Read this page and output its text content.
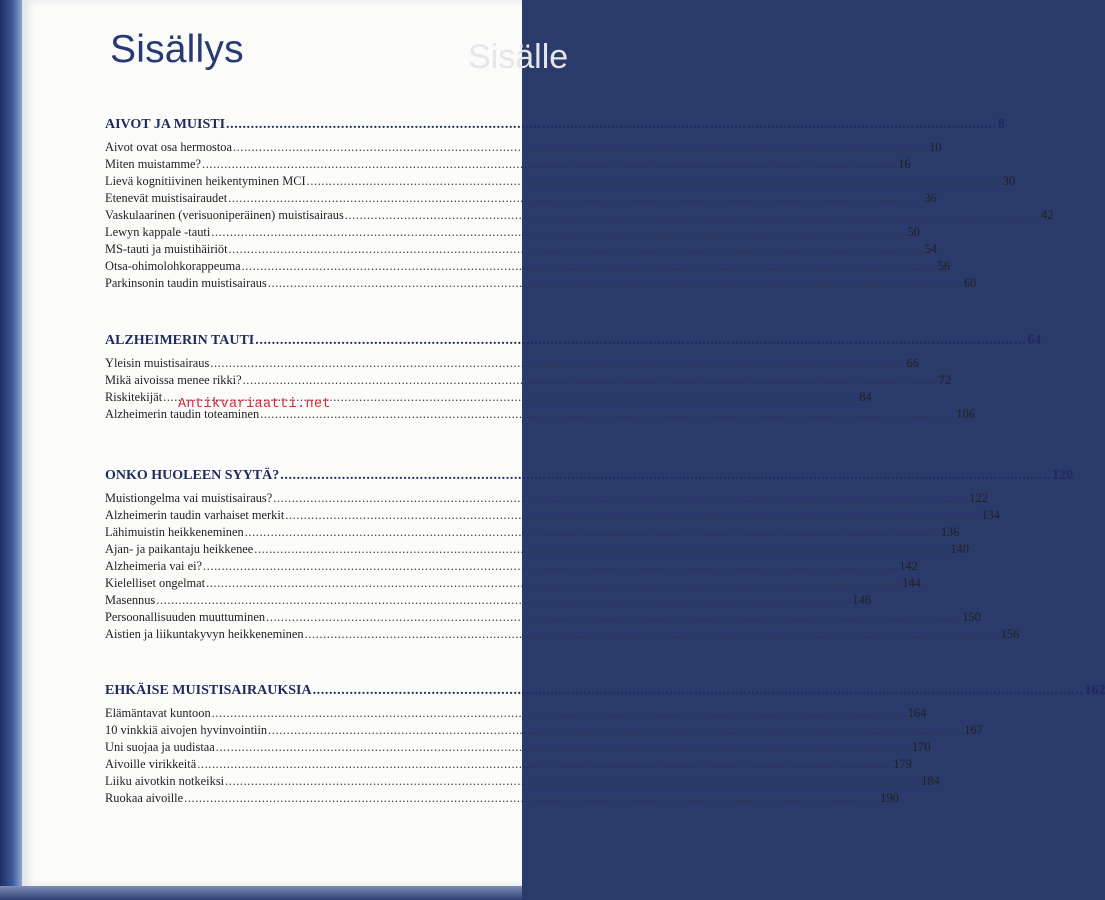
Sisälle
Sisällys
AIVOT JA MUISTI .....	8
Aivot ovat osa hermostoa .....	10
Miten muistamme? .....	16
Lievä kognitiivinen heikentyminen MCI .....	30
Etenevät muistisairaudet .....	36
Vaskulaarinen (verisuoniperäinen) muistisairaus .....	42
Lewyn kappale -tauti .....	50
MS-tauti ja muistihäiriöt .....	54
Otsa-ohimolohkorappeuma .....	56
Parkinsonin taudin muistisairaus .....	60
ALZHEIMERIN TAUTI .....	64
Yleisin muistisairaus .....	66
Mikä aivoissa menee rikki? .....	72
Riskitekijät .....	84
Alzheimerin taudin toteaminen .....	106
Antikvariaatti.net
ONKO HUOLEEN SYYTÄ? .....	120
Muistiongelma vai muistisairaus? .....	122
Alzheimerin taudin varhaiset merkit .....	134
Lähimuistin heikkeneminen .....	136
Ajan- ja paikantaju heikkenee .....	140
Alzheimeria vai ei? .....	142
Kielelliset ongelmat .....	144
Masennus .....	146
Persoonallisuuden muuttuminen .....	150
Aistien ja liikuntakyvyn heikkeneminen .....	156
EHKÄISE MUISTISAIRAUKSIA .....	162
Elämäntavat kuntoon .....	164
10 vinkkiä aivojen hyvinvointiin .....	167
Uni suojaa ja uudistaa .....	170
Aivoille virikkeitä .....	179
Liiku aivotkin notkeiksi .....	184
Ruokaa aivoille .....	190
